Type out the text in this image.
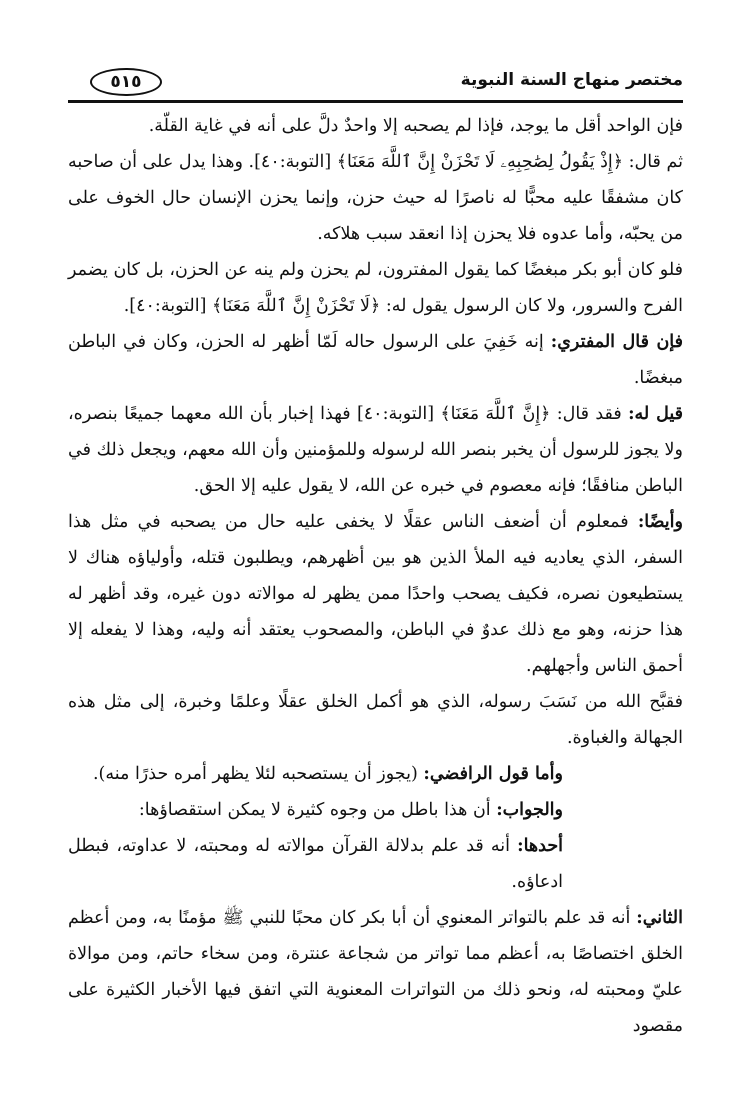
مختصر منهاج السنة النبوية
٥١٥

فإن الواحد أقل ما يوجد، فإذا لم يصحبه إلا واحدٌ دلَّ على أنه في غاية القلّة.

ثم قال: ﴿إِذْ يَقُولُ لِصَٰحِبِهِۦ لَا تَحْزَنْ إِنَّ ٱللَّهَ مَعَنَا﴾ [التوبة:٤٠]. وهذا يدل على أن صاحبه كان مشفقًا عليه محبًّا له ناصرًا له حيث حزن، وإنما يحزن الإنسان حال الخوف على من يحبّه، وأما عدوه فلا يحزن إذا انعقد سبب هلاكه.

فلو كان أبو بكر مبغضًا كما يقول المفترون، لم يحزن ولم ينه عن الحزن، بل كان يضمر الفرح والسرور، ولا كان الرسول يقول له: ﴿لَا تَحْزَنْ إِنَّ ٱللَّهَ مَعَنَا﴾ [التوبة:٤٠].

فإن قال المفتري: إنه خَفِيَ على الرسول حاله لَمّا أظهر له الحزن، وكان في الباطن مبغضًا.

قيل له: فقد قال: ﴿إِنَّ ٱللَّهَ مَعَنَا﴾ [التوبة:٤٠] فهذا إخبار بأن الله معهما جميعًا بنصره، ولا يجوز للرسول أن يخبر بنصر الله لرسوله وللمؤمنين وأن الله معهم، ويجعل ذلك في الباطن منافقًا؛ فإنه معصوم في خبره عن الله، لا يقول عليه إلا الحق.

وأيضًا: فمعلوم أن أضعف الناس عقلًا لا يخفى عليه حال من يصحبه في مثل هذا السفر، الذي يعاديه فيه الملأ الذين هو بين أظهرهم، ويطلبون قتله، وأولياؤه هناك لا يستطيعون نصره، فكيف يصحب واحدًا ممن يظهر له موالاته دون غيره، وقد أظهر له هذا حزنه، وهو مع ذلك عدوٌ في الباطن، والمصحوب يعتقد أنه وليه، وهذا لا يفعله إلا أحمق الناس وأجهلهم.

فقبَّح الله من نَسَبَ رسوله، الذي هو أكمل الخلق عقلًا وعلمًا وخبرة، إلى مثل هذه الجهالة والغباوة.

وأما قول الرافضي: (يجوز أن يستصحبه لئلا يظهر أمره حذرًا منه).

والجواب: أن هذا باطل من وجوه كثيرة لا يمكن استقصاؤها:

أحدها: أنه قد علم بدلالة القرآن موالاته له ومحبته، لا عداوته، فبطل ادعاؤه.

الثاني: أنه قد علم بالتواتر المعنوي أن أبا بكر كان محبًا للنبي ﷺ مؤمنًا به، ومن أعظم الخلق اختصاصًا به، أعظم مما تواتر من شجاعة عنترة، ومن سخاء حاتم، ومن موالاة عليّ ومحبته له، ونحو ذلك من التواترات المعنوية التي اتفق فيها الأخبار الكثيرة على مقصود
